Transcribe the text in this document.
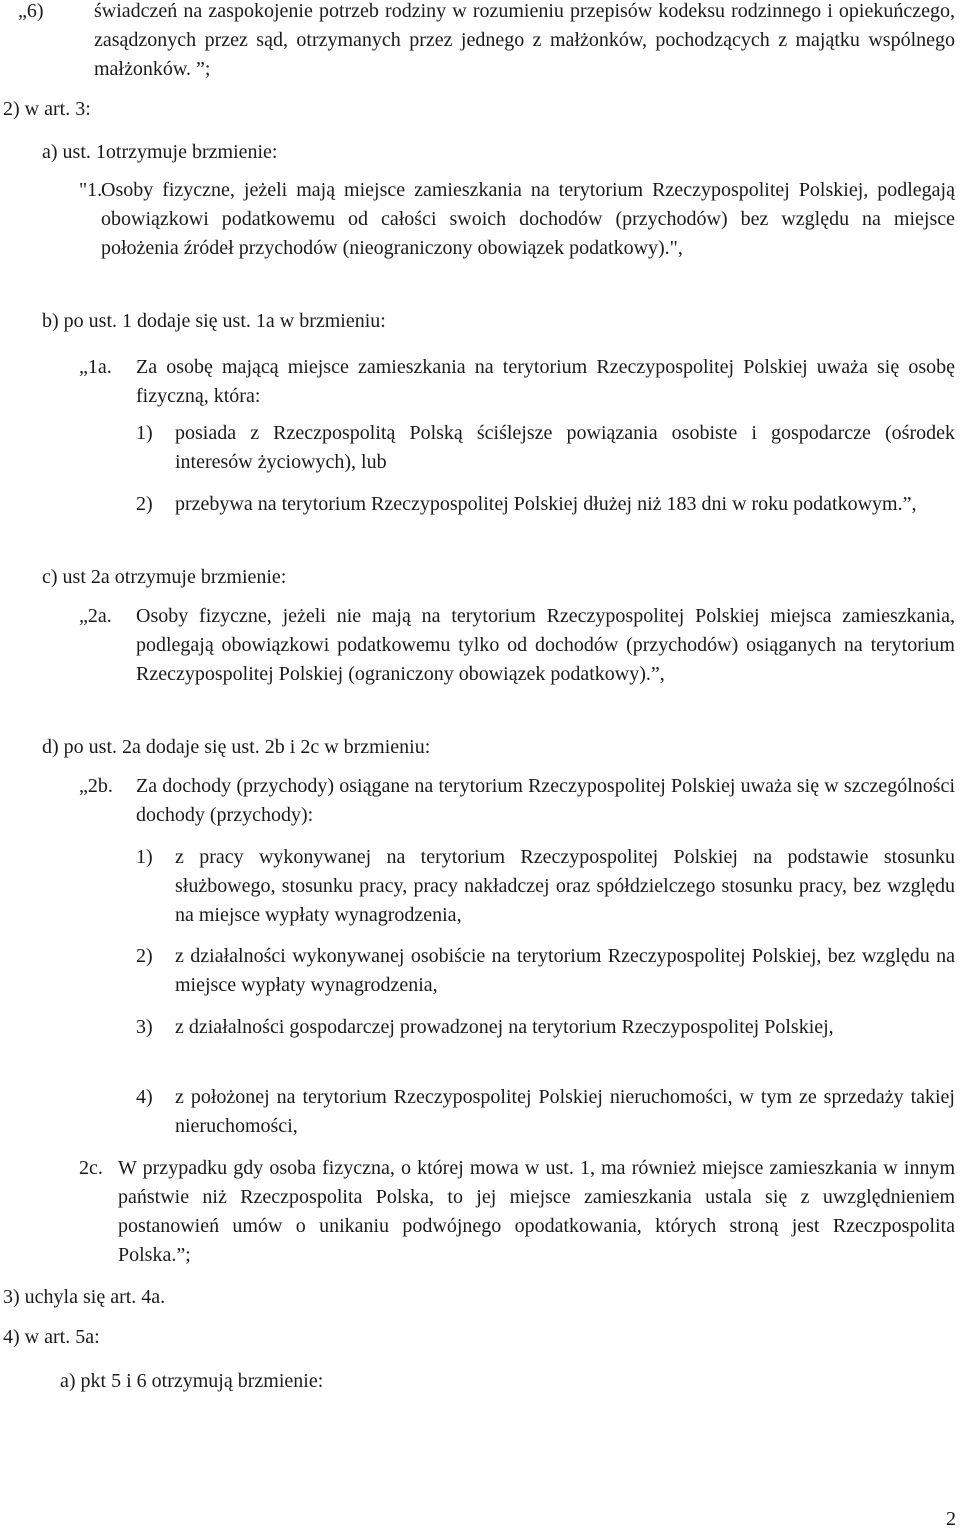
„6)	świadczeń na zaspokojenie potrzeb rodziny w rozumieniu przepisów kodeksu rodzinnego i opiekuńczego, zasądzonych przez sąd, otrzymanych przez jednego z małżonków, pochodzących z majątku wspólnego małżonków. ”;
2) w art. 3:
a) ust. 1otrzymuje brzmienie:
"1.
Osoby fizyczne, jeżeli mają miejsce zamieszkania na terytorium Rzeczypospolitej Polskiej, podlegają obowiązkowi podatkowemu od całości swoich dochodów (przychodów) bez względu na miejsce położenia źródeł przychodów (nieograniczony obowiązek podatkowy).",
b) po ust. 1 dodaje się ust. 1a w brzmieniu:
„1a.	Za osobę mającą miejsce zamieszkania na terytorium Rzeczypospolitej Polskiej uważa się osobę fizyczną, która:
1)	posiada z Rzeczpospolitą Polską ściślejsze powiązania osobiste i gospodarcze (ośrodek interesów życiowych), lub
2)	przebywa na terytorium Rzeczypospolitej Polskiej dłużej niż 183 dni w roku podatkowym.”,
c) ust 2a otrzymuje brzmienie:
„2a.	Osoby fizyczne, jeżeli nie mają na terytorium Rzeczypospolitej Polskiej miejsca zamieszkania, podlegają obowiązkowi podatkowemu tylko od dochodów (przychodów) osiąganych na terytorium Rzeczypospolitej Polskiej (ograniczony obowiązek podatkowy).”,
d) po ust. 2a dodaje się ust. 2b i 2c w brzmieniu:
„2b.	Za dochody (przychody) osiągane na terytorium Rzeczypospolitej Polskiej uważa się w szczególności dochody (przychody):
1)	z pracy wykonywanej na terytorium Rzeczypospolitej Polskiej na podstawie stosunku służbowego, stosunku pracy, pracy nakładczej oraz spółdzielczego stosunku pracy, bez względu na miejsce wypłaty wynagrodzenia,
2)	z działalności wykonywanej osobiście na terytorium Rzeczypospolitej Polskiej, bez względu na miejsce wypłaty wynagrodzenia,
3)	z działalności gospodarczej prowadzonej na terytorium Rzeczypospolitej Polskiej,
4)	z położonej na terytorium Rzeczypospolitej Polskiej nieruchomości, w tym ze sprzedaży takiej nieruchomości,
2c. W przypadku gdy osoba fizyczna, o której mowa w ust. 1, ma również miejsce zamieszkania w innym państwie niż Rzeczpospolita Polska, to jej miejsce zamieszkania ustala się z uwzględnieniem postanowień umów o unikaniu podwójnego opodatkowania, których stroną jest Rzeczpospolita Polska.”;
3) uchyla się art. 4a.
4) w art. 5a:
a) pkt 5 i 6 otrzymują brzmienie:
2
